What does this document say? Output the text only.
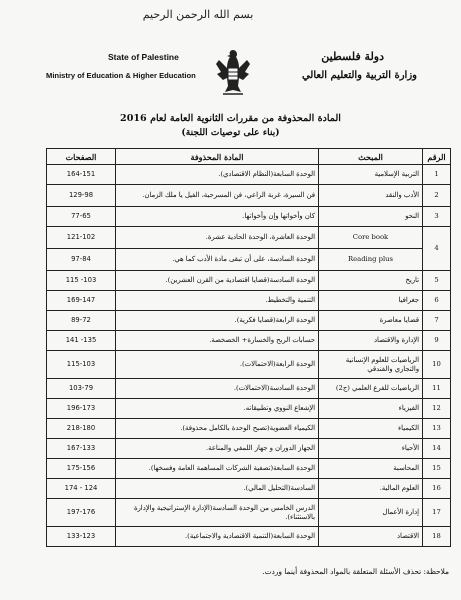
بسم الله الرحمن الرحيم
State of Palestine
Ministry of Education & Higher Education
دولة فلسطين
وزارة التربية والتعليم العالي
المادة المحذوفة من مقررات الثانوية العامة لعام 2016
(بناء على توصيات اللجنة)
الرقم	المبحث	المادة المحذوفة	الصفحات
1	التربية الإسلامية	الوحدة السابعة(النظام الاقتصادي).	164-151
2	الأدب والنقد	فن السيرة، غربة الراعي، فن المسرحية، الفيل يا ملك الزمان.	129-98
3	النحو	كان وأخواتها وإن وأخواتها.	77-65
4	Core book	الوحدة العاشرة، الوحدة الحادية عشرة.	121-102
	Reading plus	الوحدة السادسة، على أن تبقى مادة الأدب كما هي.	97-84
5	تاريخ	الوحدة السادسة(قضايا اقتصادية من القرن العشرين).	115 -103
6	جغرافيا	التنمية والتخطيط.	169-147
7	قضايا معاصرة	الوحدة الرابعة(قضايا فكرية).	89-72
9	الإدارة والاقتصاد	حسابات الربح والخسارة+ الخصخصة.	141 -135
10	الرياضيات للعلوم الإنسانية والتجاري والفندقي	الوحدة الرابعة(الاحتمالات).	115-103
11	الرياضيات للفرع العلمي (ج2)	الوحدة السادسة(الاحتمالات).	103-79
12	الفيزياء	الإشعاع النووي وتطبيقاته.	196-173
13	الكيمياء	الكيمياء العضوية(تصبح الوحدة بالكامل محذوفة).	218-180
14	الأحياء	الجهاز الدوران و جهاز اللمفي والمناعة.	167-133
15	المحاسبة	الوحدة السابعة(تصفية الشركات المساهمة العامة وفسخها).	175-156
16	العلوم المالية.	السادسة(التحليل المالي).	174 - 124
17	إدارة الأعمال	الدرس الخامس من الوحدة السادسة(الإدارة الإستراتيجية والإدارة بالاستثناء).	197-176
18	الاقتصاد	الوحدة السابعة(التنمية الاقتصادية والاجتماعية).	133-123
ملاحظة: تحذف الأسئلة المتعلقة بالمواد المحذوفة أينما وردت.
